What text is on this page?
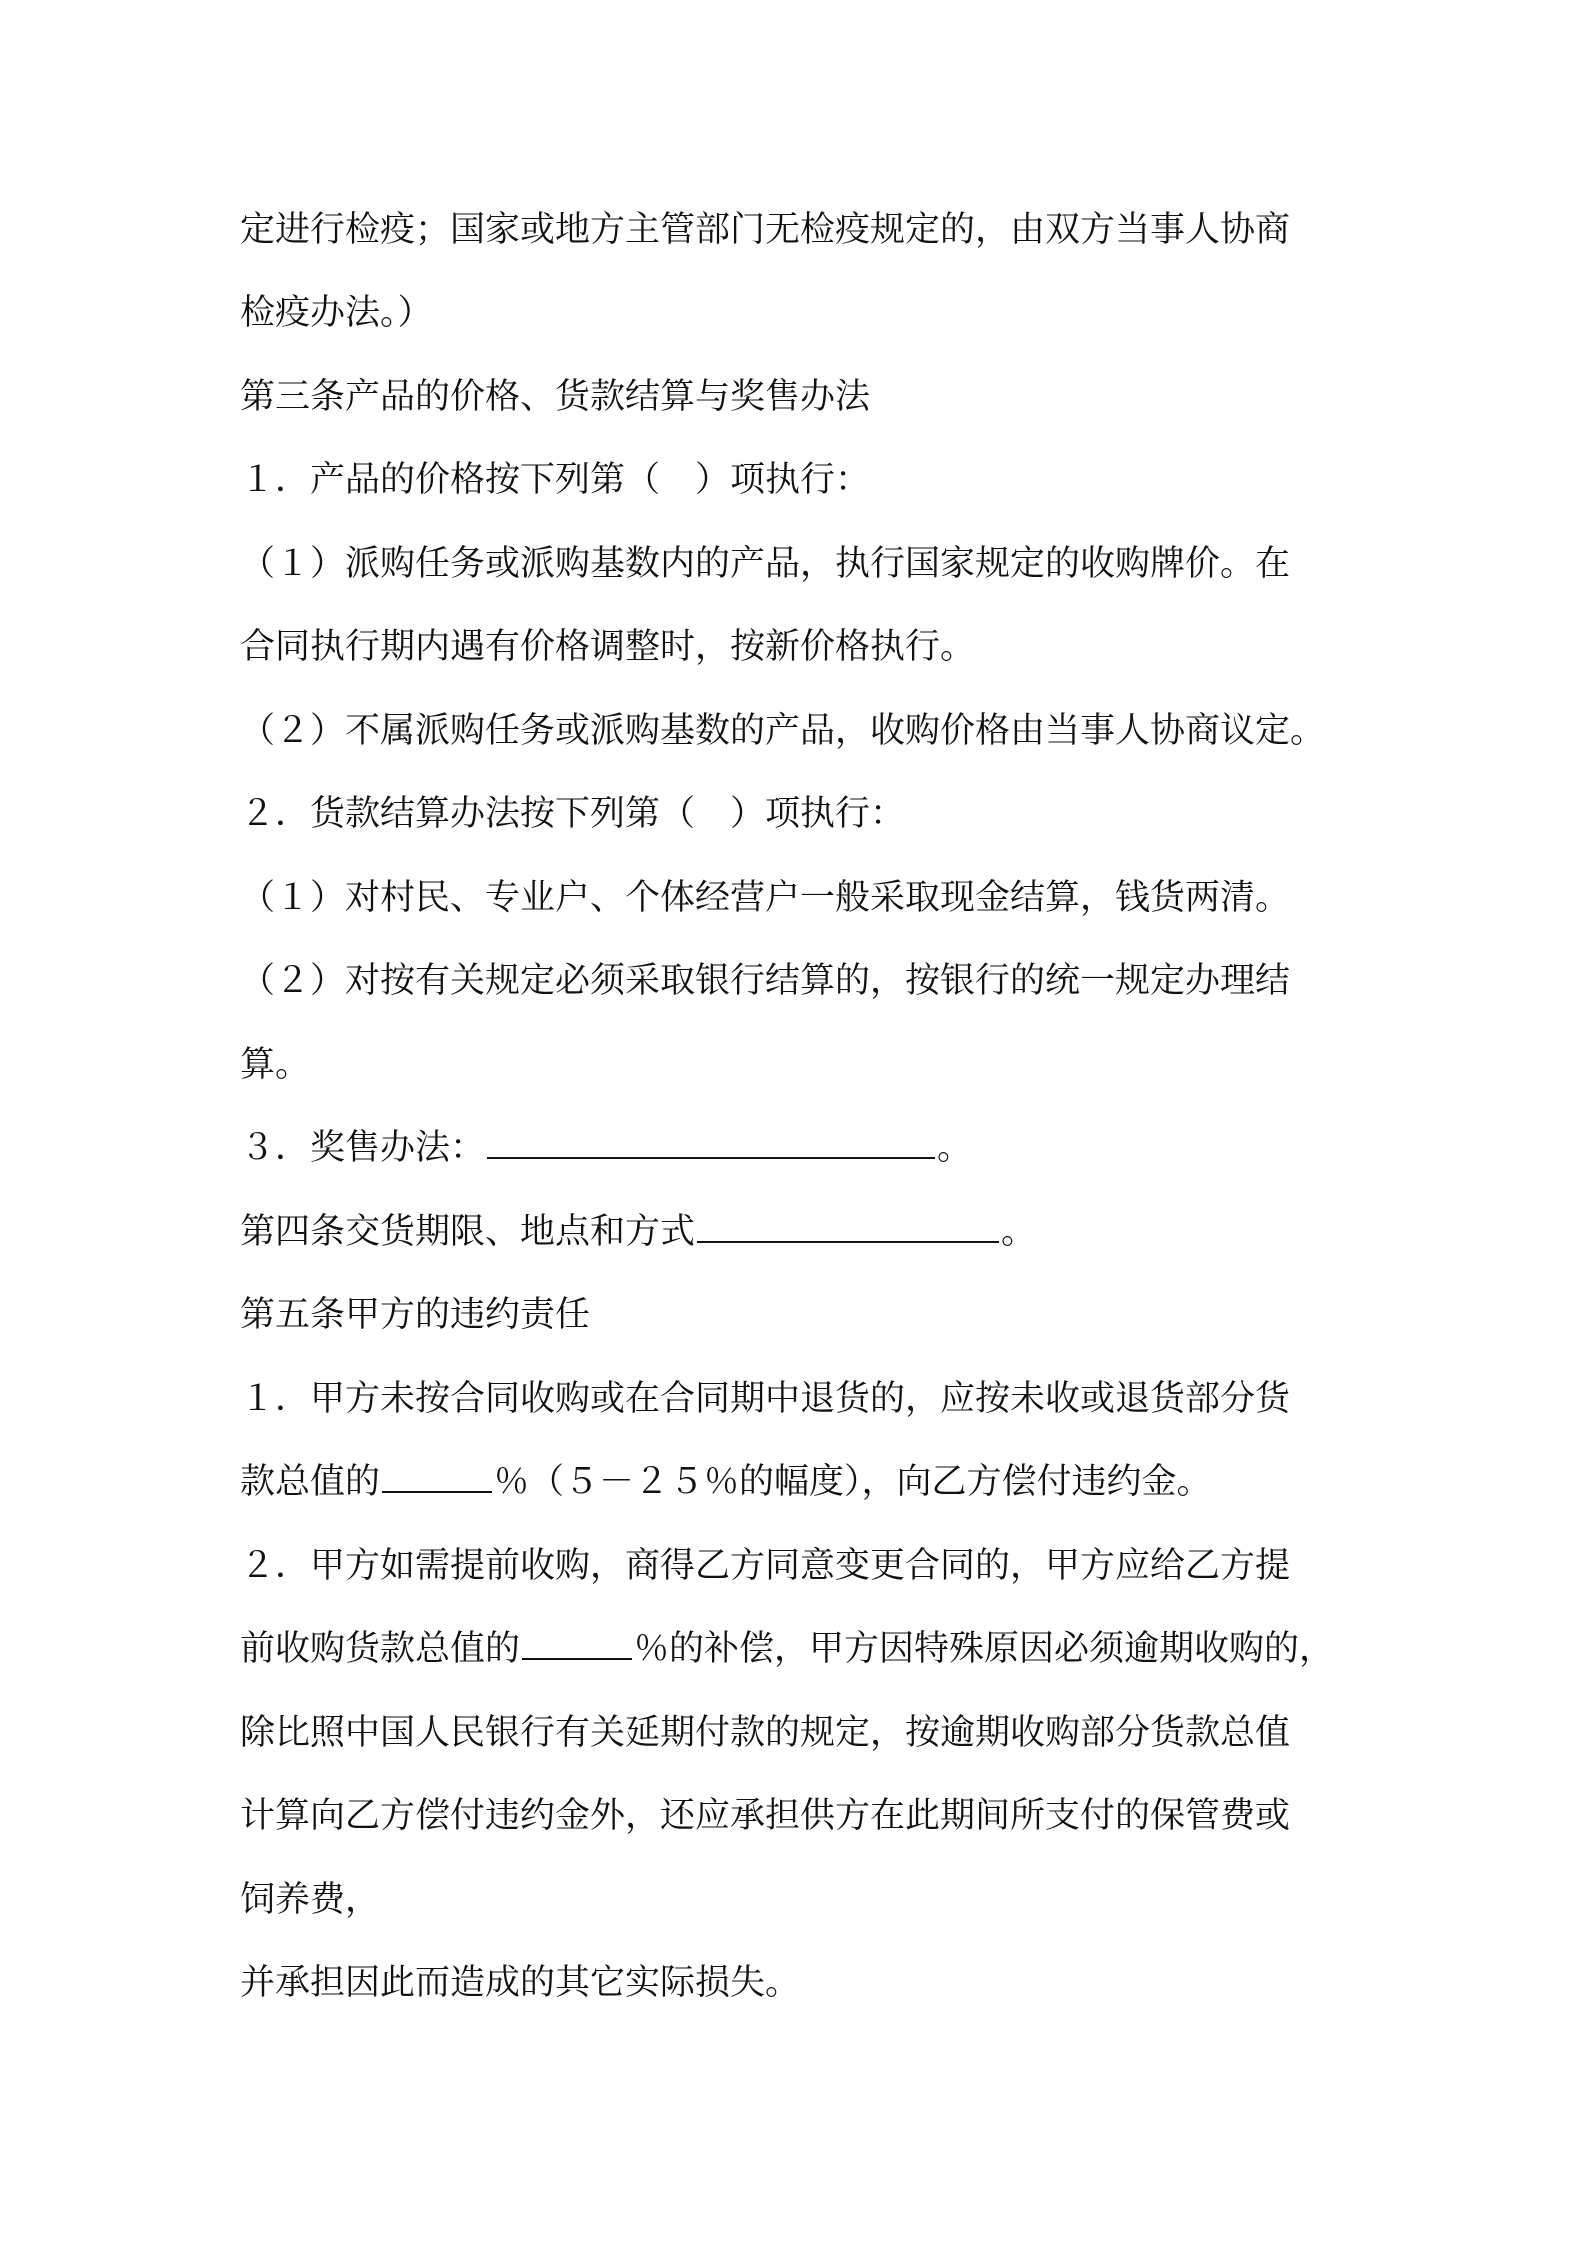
定进行检疫；国家或地方主管部门无检疫规定的，由双方当事人协商
检疫办法。）
第三条产品的价格、货款结算与奖售办法
１．产品的价格按下列第（　）项执行：
（１）派购任务或派购基数内的产品，执行国家规定的收购牌价。在
合同执行期内遇有价格调整时，按新价格执行。
（２）不属派购任务或派购基数的产品，收购价格由当事人协商议定。
２．货款结算办法按下列第（　）项执行：
（１）对村民、专业户、个体经营户一般采取现金结算，钱货两清。
（２）对按有关规定必须采取银行结算的，按银行的统一规定办理结
算。
３．奖售办法：	。
第四条交货期限、地点和方式	。
第五条甲方的违约责任
１．甲方未按合同收购或在合同期中退货的，应按未收或退货部分货
款总值的	％（５－２５％的幅度），向乙方偿付违约金。
２．甲方如需提前收购，商得乙方同意变更合同的，甲方应给乙方提
前收购货款总值的	％的补偿，甲方因特殊原因必须逾期收购的，
除比照中国人民银行有关延期付款的规定，按逾期收购部分货款总值
计算向乙方偿付违约金外，还应承担供方在此期间所支付的保管费或
饲养费，
并承担因此而造成的其它实际损失。
